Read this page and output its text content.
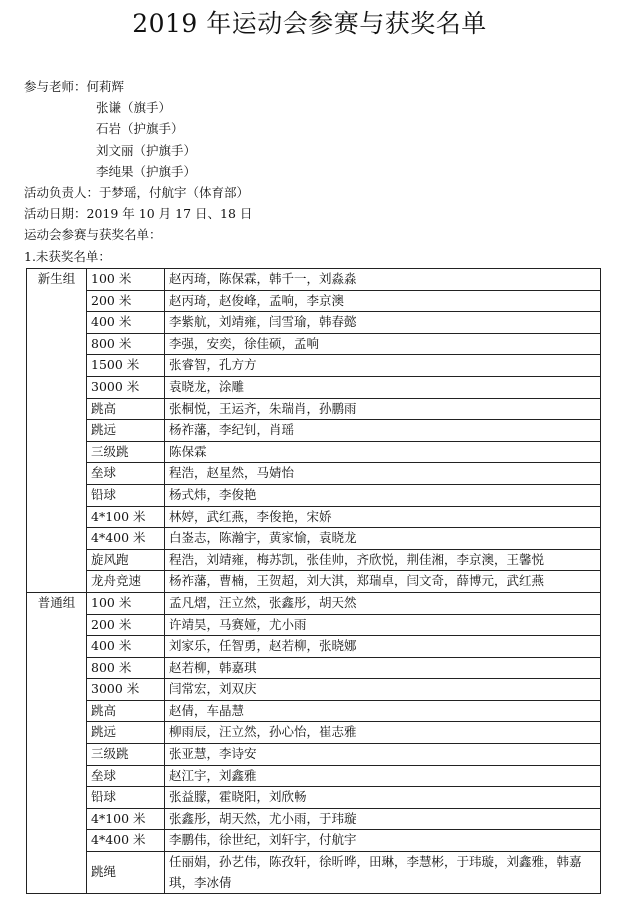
2019 年运动会参赛与获奖名单
参与老师：何莉辉
张谦（旗手）
石岩（护旗手）
刘文丽（护旗手）
李纯果（护旗手）
活动负责人：于梦瑶，付航宇（体育部）
活动日期：2019 年 10 月 17 日、18 日
运动会参赛与获奖名单：
1.未获奖名单：
新生组	100 米	赵丙琦，陈保霖，韩千一，刘淼淼
	200 米	赵丙琦，赵俊峰，孟响，李京澳
	400 米	李紫航，刘靖雍，闫雪瑜，韩春懿
	800 米	李强，安奕，徐佳硕，孟响
	1500 米	张睿智，孔方方
	3000 米	袁晓龙，涂雕
	跳高	张桐悦，王运齐，朱瑞肖，孙鹏雨
	跳远	杨祚藩，李纪钊，肖瑶
	三级跳	陈保霖
	垒球	程浩，赵星然，马婧怡
	铅球	杨式炜，李俊艳
	4*100 米	林婷，武红燕，李俊艳，宋娇
	4*400 米	白崟志，陈瀚宇，黄家愉，袁晓龙
	旋风跑	程浩，刘靖雍，梅苏凯，张佳帅，齐欣悦，荆佳湘，李京澳，王馨悦
	龙舟竞速	杨祚藩，曹楠，王贺超，刘大淇，郑瑞卓，闫文奇，薛博元，武红燕
普通组	100 米	孟凡熠，汪立然，张鑫彤，胡天然
	200 米	许靖昊，马赛娅，尤小雨
	400 米	刘家乐，任智勇，赵若柳，张晓娜
	800 米	赵若柳，韩嘉琪
	3000 米	闫常宏，刘双庆
	跳高	赵倩，车晶慧
	跳远	柳雨辰，汪立然，孙心怡，崔志雅
	三级跳	张亚慧，李诗安
	垒球	赵江宇，刘鑫雅
	铅球	张益朦，霍晓阳，刘欣畅
	4*100 米	张鑫彤，胡天然，尤小雨，于玮璇
	4*400 米	李鹏伟，徐世纪，刘轩宇，付航宇
	跳绳	任丽娟，孙艺伟，陈孜轩，徐昕晔，田琳，李慧彬，于玮璇，刘鑫雅，韩嘉琪，李冰倩
